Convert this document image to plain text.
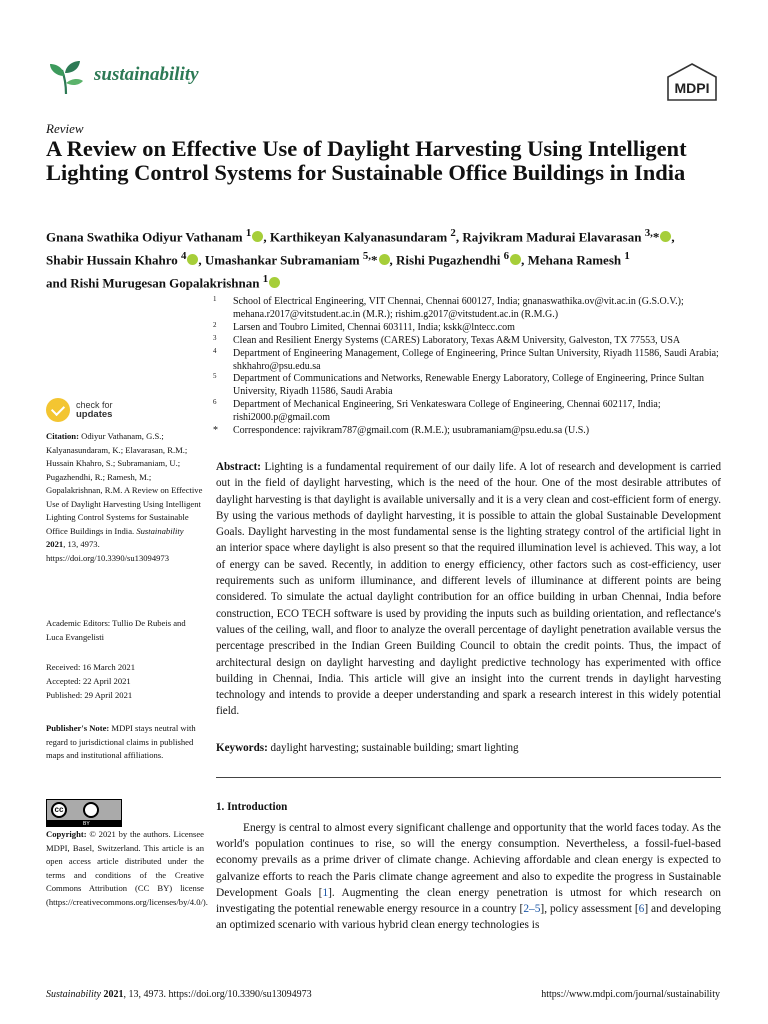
sustainability
MDPI
Review
A Review on Effective Use of Daylight Harvesting Using Intelligent Lighting Control Systems for Sustainable Office Buildings in India
Gnana Swathika Odiyur Vathanam $^1$ , Karthikeyan Kalyanasundaram $^2$, Rajvikram Madurai Elavarasan $^{3,}$* ,
Shabir Hussain Khahro $^4$ , Umashankar Subramaniam $^{5,}$* , Rishi Pugazhendhi $^6$ , Mehana Ramesh $^1$
and Rishi Murugesan Gopalakrishnan $^1$
1 School of Electrical Engineering, VIT Chennai, Chennai 600127, India; gnanaswathika.ov@vit.ac.in (G.S.O.V.); mehana.r2017@vitstudent.ac.in (M.R.); rishim.g2017@vitstudent.ac.in (R.M.G.)
2 Larsen and Toubro Limited, Chennai 603111, India; kskk@lntecc.com
3 Clean and Resilient Energy Systems (CARES) Laboratory, Texas A&M University, Galveston, TX 77553, USA
4 Department of Engineering Management, College of Engineering, Prince Sultan University, Riyadh 11586, Saudi Arabia; shkhahro@psu.edu.sa
5 Department of Communications and Networks, Renewable Energy Laboratory, College of Engineering, Prince Sultan University, Riyadh 11586, Saudi Arabia
6 Department of Mechanical Engineering, Sri Venkateswara College of Engineering, Chennai 602117, India; rishi2000.p@gmail.com
* Correspondence: rajvikram787@gmail.com (R.M.E.); usubramaniam@psu.edu.sa (U.S.)
check for
updates
Citation: Odiyur Vathanam, G.S.; Kalyanasundaram, K.; Elavarasan, R.M.; Hussain Khahro, S.; Subramaniam, U.; Pugazhendhi, R.; Ramesh, M.; Gopalakrishnan, R.M. A Review on Effective Use of Daylight Harvesting Using Intelligent Lighting Control Systems for Sustainable Office Buildings in India. Sustainability 2021, 13, 4973. https://doi.org/10.3390/su13094973
Academic Editors: Tullio De Rubeis and Luca Evangelisti
Received: 16 March 2021
Accepted: 22 April 2021
Published: 29 April 2021
Publisher's Note: MDPI stays neutral with regard to jurisdictional claims in published maps and institutional affiliations.
cc
BY
Copyright: © 2021 by the authors. Licensee MDPI, Basel, Switzerland. This article is an open access article distributed under the terms and conditions of the Creative Commons Attribution (CC BY) license (https://creativecommons.org/licenses/by/4.0/).
Abstract: Lighting is a fundamental requirement of our daily life. A lot of research and development is carried out in the field of daylight harvesting, which is the need of the hour. One of the most desirable attributes of daylight harvesting is that daylight is available universally and it is a very clean and cost-efficient form of energy. By using the various methods of daylight harvesting, it is possible to attain the global Sustainable Development Goals. Daylight harvesting in the most fundamental sense is the lighting strategy control of the artificial light in an interior space where daylight is also present so that the required illumination level is achieved. This way, a lot of energy can be saved. Recently, in addition to energy efficiency, other factors such as cost-efficiency, user requirements such as uniform illuminance, and different levels of illuminance at different points are being considered. To simulate the actual daylight contribution for an office building in urban Chennai, India before construction, ECO TECH software is used by providing the inputs such as building orientation, and reflectance's values of the ceiling, wall, and floor to analyze the overall percentage of daylight penetration available versus the percentage prescribed in the Indian Green Building Council to obtain the credit points. Thus, the impact of architectural design on daylight harvesting and daylight predictive technology has experimented with office building in Chennai, India. This article will give an insight into the current trends in daylight harvesting technology and intends to provide a deeper understanding and spark a research interest in this widely potential field.
Keywords: daylight harvesting; sustainable building; smart lighting
1. Introduction
Energy is central to almost every significant challenge and opportunity that the world faces today. As the world's population continues to rise, so will the energy consumption. Nevertheless, a fossil-fuel-based economy prevails as a prime driver of climate change. Achieving affordable and clean energy is expected to galvanize efforts to reach the Paris climate change agreement and also to expedite the progress in Sustainable Development Goals [1]. Augmenting the clean energy penetration is utmost for which research on investigating the potential renewable energy resource in a country [2–5], policy assessment [6] and developing an optimized scenario with various hybrid clean energy technologies is
Sustainability 2021, 13, 4973. https://doi.org/10.3390/su13094973	https://www.mdpi.com/journal/sustainability
